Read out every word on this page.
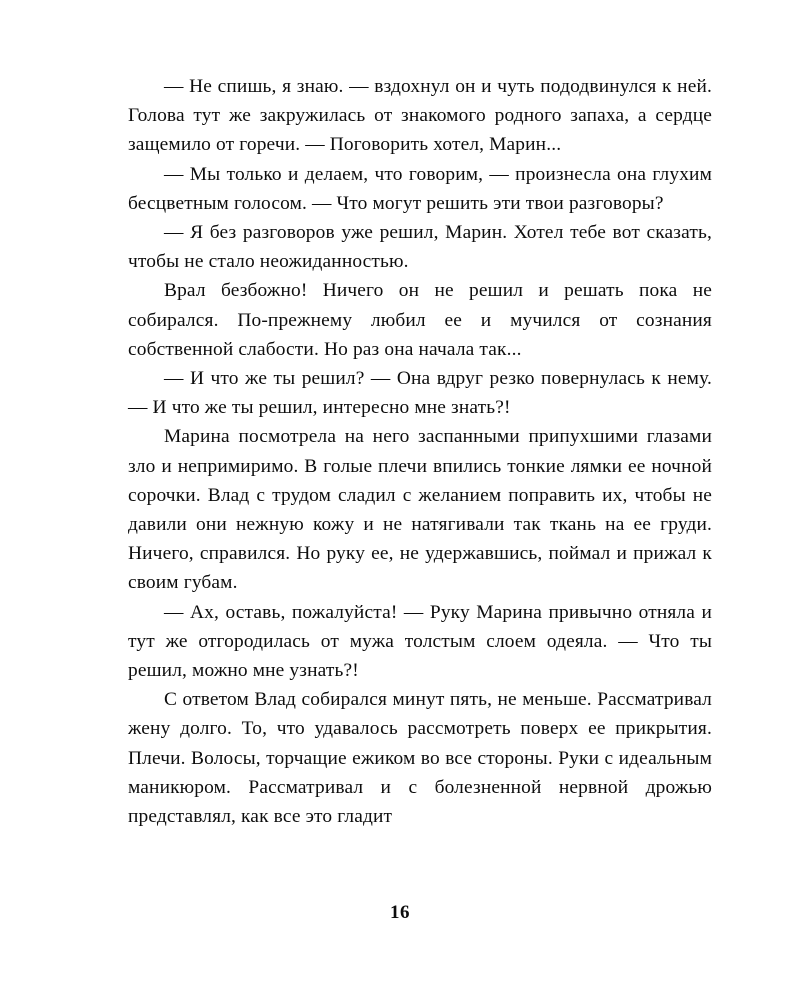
— Не спишь, я знаю. — вздохнул он и чуть пододвинулся к ней. Голова тут же закружилась от знакомого родного запаха, а сердце защемило от горечи. — Поговорить хотел, Марин...

— Мы только и делаем, что говорим, — произнесла она глухим бесцветным голосом. — Что могут решить эти твои разговоры?

— Я без разговоров уже решил, Марин. Хотел тебе вот сказать, чтобы не стало неожиданностью.

Врал безбожно! Ничего он не решил и решать пока не собирался. По-прежнему любил ее и мучился от сознания собственной слабости. Но раз она начала так...

— И что же ты решил? — Она вдруг резко повернулась к нему. — И что же ты решил, интересно мне знать?!

Марина посмотрела на него заспанными припухшими глазами зло и непримиримо. В голые плечи впились тонкие лямки ее ночной сорочки. Влад с трудом сладил с желанием поправить их, чтобы не давили они нежную кожу и не натягивали так ткань на ее груди. Ничего, справился. Но руку ее, не удержавшись, поймал и прижал к своим губам.

— Ах, оставь, пожалуйста! — Руку Марина привычно отняла и тут же отгородилась от мужа толстым слоем одеяла. — Что ты решил, можно мне узнать?!

С ответом Влад собирался минут пять, не меньше. Рассматривал жену долго. То, что удавалось рассмотреть поверх ее прикрытия. Плечи. Волосы, торчащие ежиком во все стороны. Руки с идеальным маникюром. Рассматривал и с болезненной нервной дрожью представлял, как все это гладит

16
